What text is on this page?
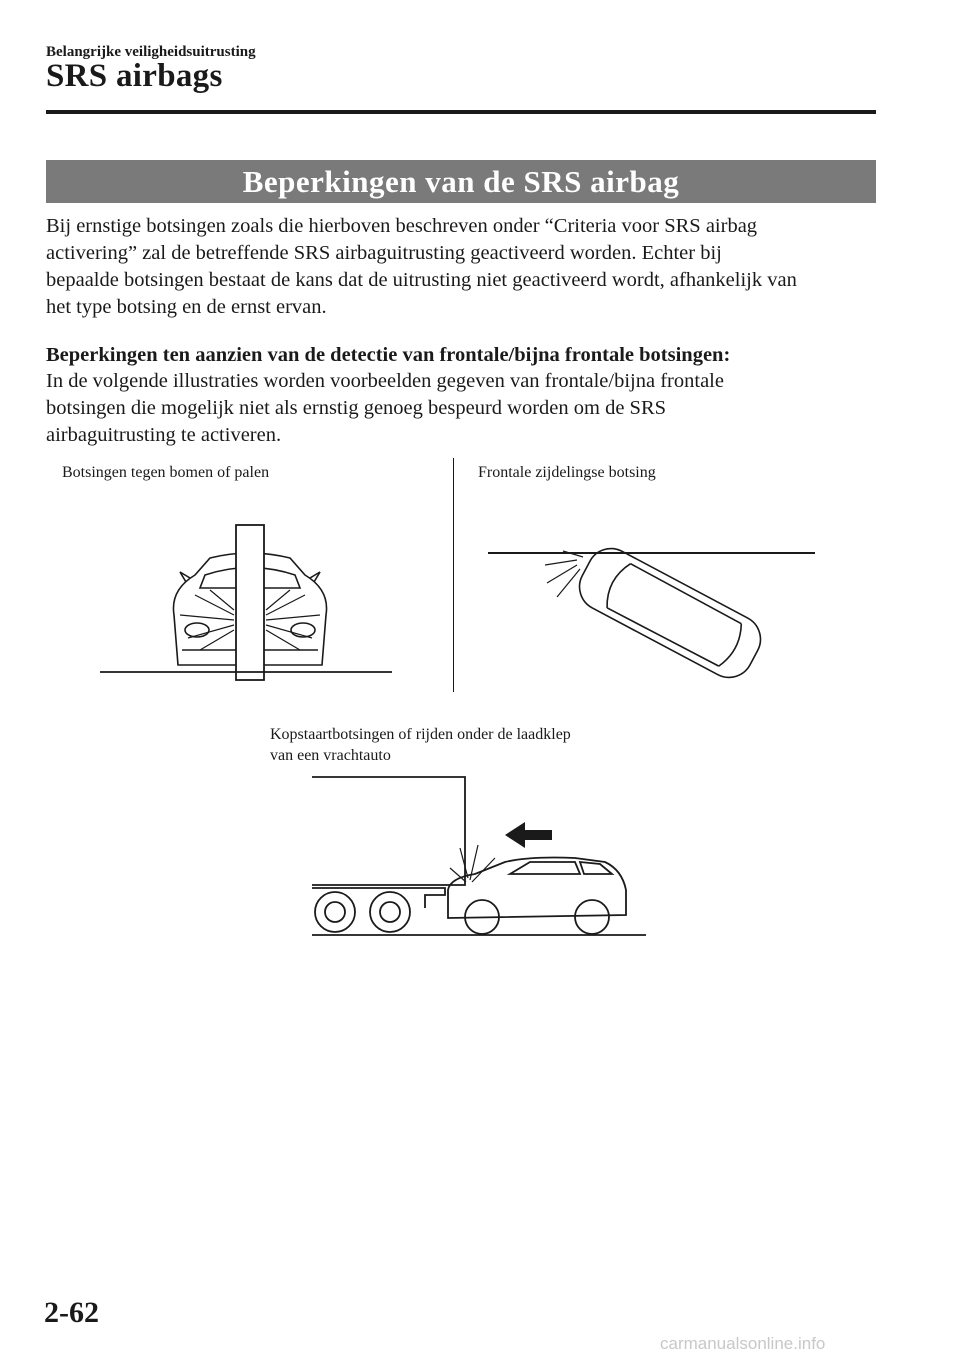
Belangrijke veiligheidsuitrusting
SRS airbags
Beperkingen van de SRS airbag

Bij ernstige botsingen zoals die hierboven beschreven onder “Criteria voor SRS airbag
activering” zal de betreffende SRS airbaguitrusting geactiveerd worden. Echter bij
bepaalde botsingen bestaat de kans dat de uitrusting niet geactiveerd wordt, afhankelijk van
het type botsing en de ernst ervan.

Beperkingen ten aanzien van de detectie van frontale/bijna frontale botsingen:

In de volgende illustraties worden voorbeelden gegeven van frontale/bijna frontale
botsingen die mogelijk niet als ernstig genoeg bespeurd worden om de SRS
airbaguitrusting te activeren.

Botsingen tegen bomen of palen	Frontale zijdelingse botsing
Kopstaartbotsingen of rijden onder de laadklep
van een vrachtauto
2-62
carmanualsonline.info
